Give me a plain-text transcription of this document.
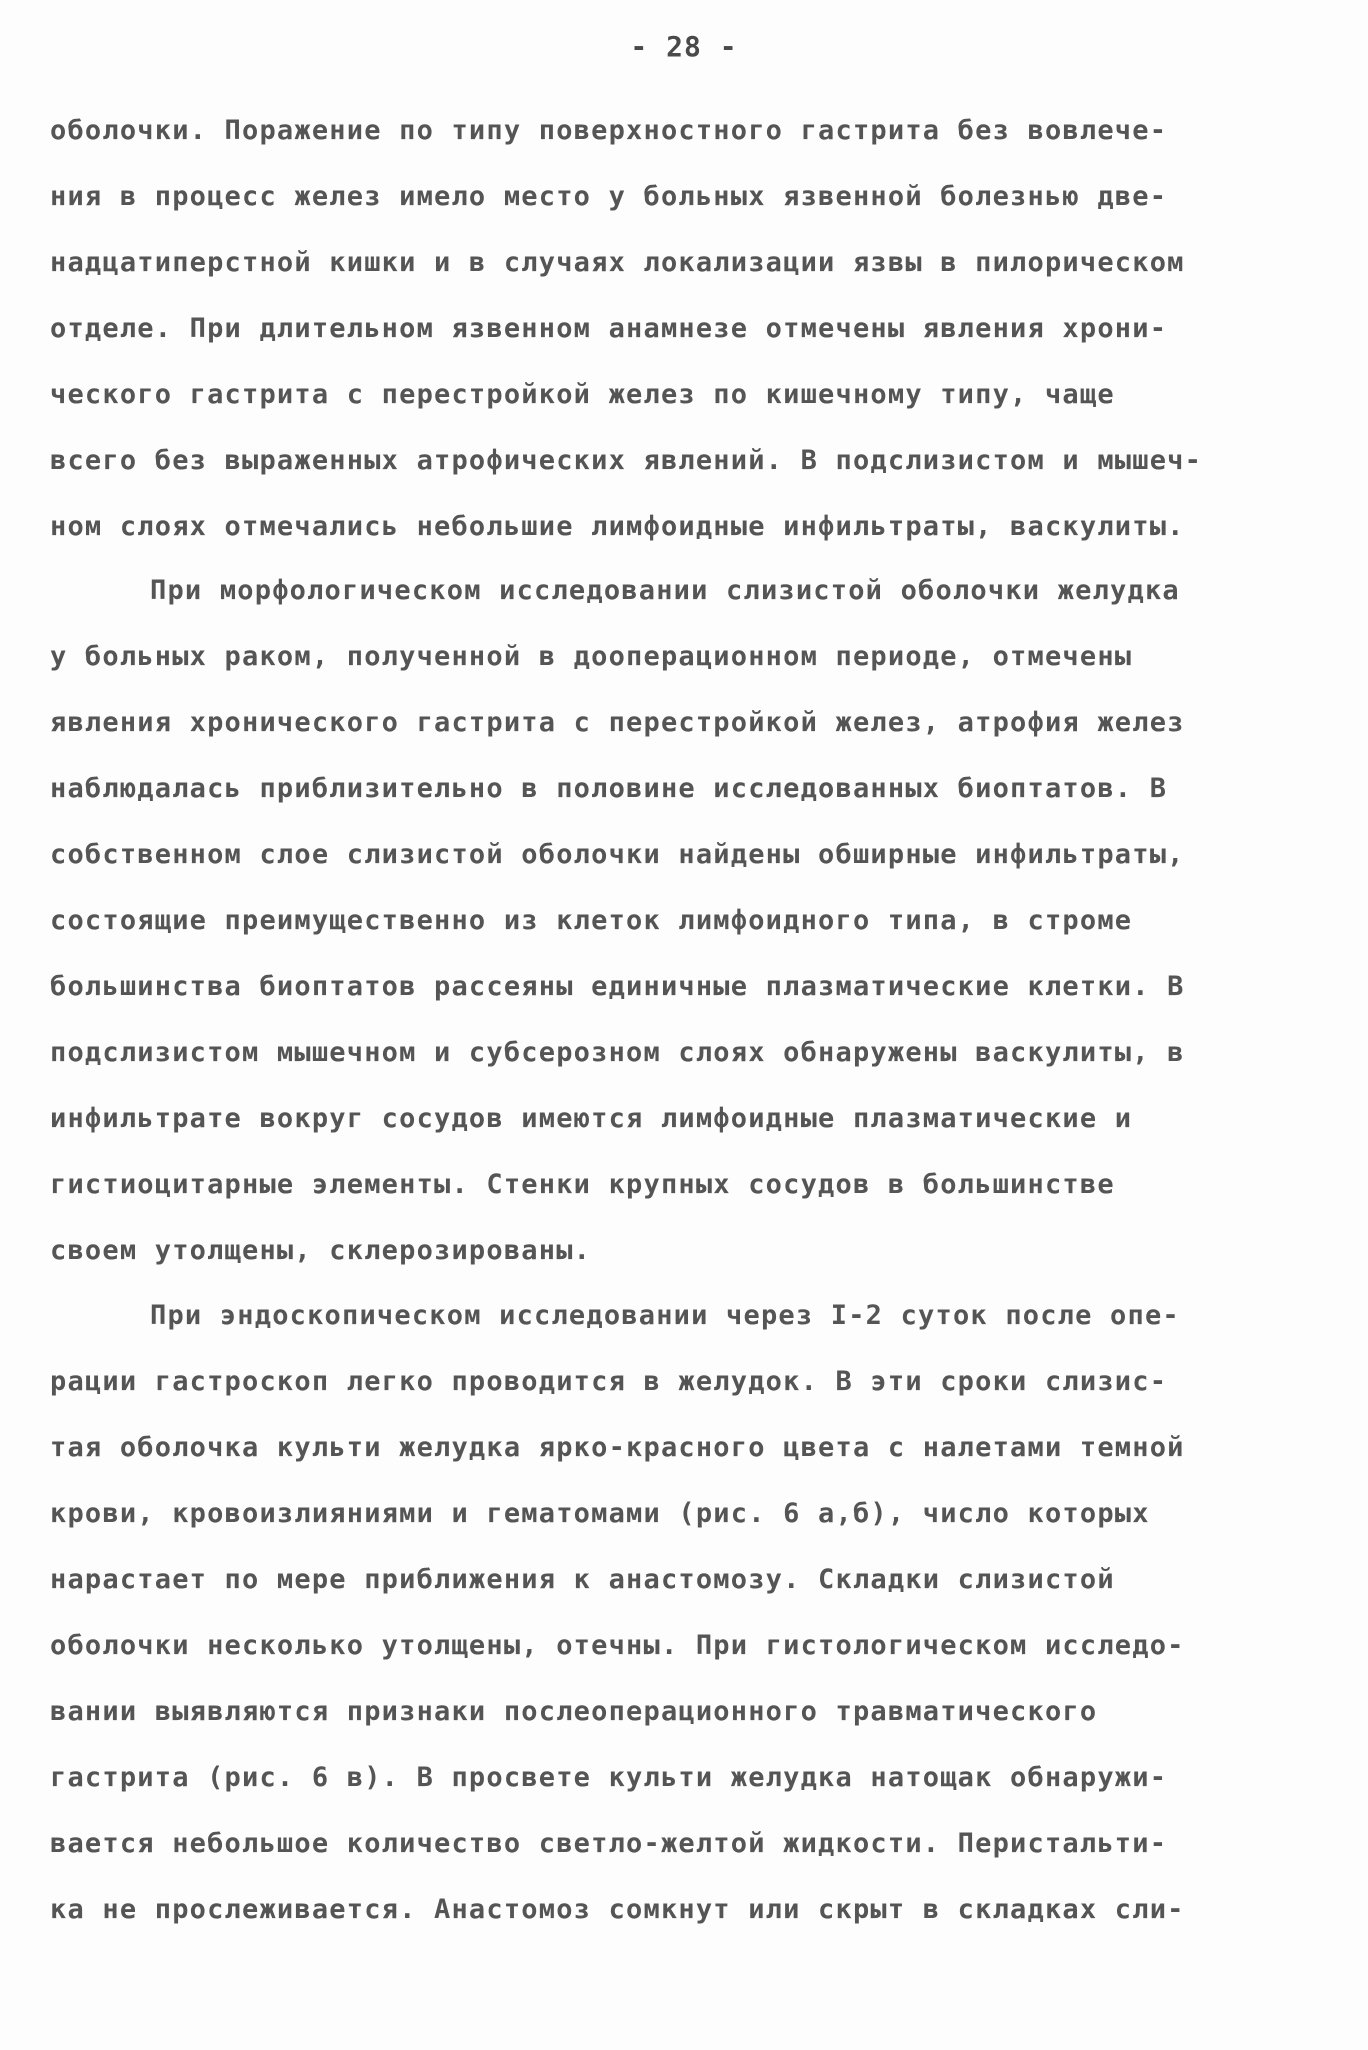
- 28 -
оболочки. Поражение по типу поверхностного гастрита без вовлече-
ния в процесс желез имело место у больных язвенной болезнью две-
надцатиперстной кишки и в случаях локализации язвы в пилорическом
отделе. При длительном язвенном анамнезе отмечены явления хрони-
ческого гастрита с перестройкой желез по кишечному типу, чаще
всего без выраженных атрофических явлений. В подслизистом и мышеч-
ном слоях отмечались небольшие лимфоидные инфильтраты, васкулиты.
При морфологическом исследовании слизистой оболочки желудка
у больных раком, полученной в дооперационном периоде, отмечены
явления хронического гастрита с перестройкой желез, атрофия желез
наблюдалась приблизительно в половине исследованных биоптатов. В
собственном слое слизистой оболочки найдены обширные инфильтраты,
состоящие преимущественно из клеток лимфоидного типа, в строме
большинства биоптатов рассеяны единичные плазматические клетки. В
подслизистом мышечном и субсерозном слоях обнаружены васкулиты, в
инфильтрате вокруг сосудов имеются лимфоидные плазматические и
гистиоцитарные элементы. Стенки крупных сосудов в большинстве
своем утолщены, склерозированы.
При эндоскопическом исследовании через I-2 суток после опе-
рации гастроскоп легко проводится в желудок. В эти сроки слизис-
тая оболочка культи желудка ярко-красного цвета с налетами темной
крови, кровоизлияниями и гематомами (рис. 6 а,б), число которых
нарастает по мере приближения к анастомозу. Складки слизистой
оболочки несколько утолщены, отечны. При гистологическом исследо-
вании выявляются признаки послеоперационного травматического
гастрита (рис. 6 в). В просвете культи желудка натощак обнаружи-
вается небольшое количество светло-желтой жидкости. Перистальти-
ка не прослеживается. Анастомоз сомкнут или скрыт в складках сли-
